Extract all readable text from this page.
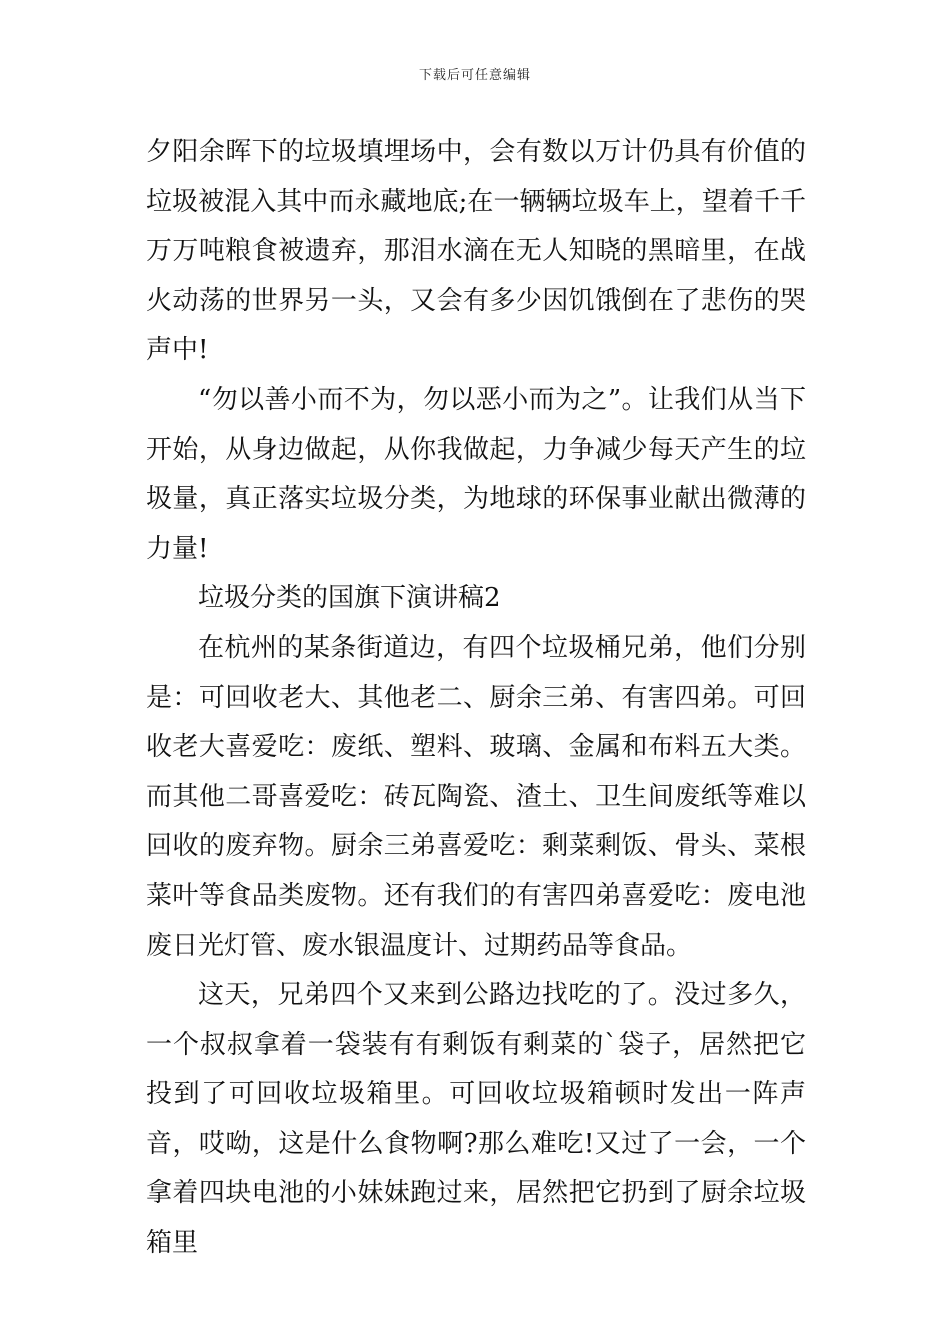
下载后可任意编辑

夕阳余晖下的垃圾填埋场中，会有数以万计仍具有价值的垃圾被混入其中而永藏地底;在一辆辆垃圾车上，望着千千万万吨粮食被遗弃，那泪水滴在无人知晓的黑暗里，在战火动荡的世界另一头，又会有多少因饥饿倒在了悲伤的哭声中!

“勿以善小而不为，勿以恶小而为之”。让我们从当下开始，从身边做起，从你我做起，力争减少每天产生的垃圾量，真正落实垃圾分类，为地球的环保事业献出微薄的力量!

垃圾分类的国旗下演讲稿2

在杭州的某条街道边，有四个垃圾桶兄弟，他们分别是：可回收老大、其他老二、厨余三弟、有害四弟。可回收老大喜爱吃：废纸、塑料、玻璃、金属和布料五大类。而其他二哥喜爱吃：砖瓦陶瓷、渣土、卫生间废纸等难以回收的废弃物。厨余三弟喜爱吃：剩菜剩饭、骨头、菜根菜叶等食品类废物。还有我们的有害四弟喜爱吃：废电池废日光灯管、废水银温度计、过期药品等食品。

这天，兄弟四个又来到公路边找吃的了。没过多久，一个叔叔拿着一袋装有有剩饭有剩菜的`袋子，居然把它投到了可回收垃圾箱里。可回收垃圾箱顿时发出一阵声音，哎呦，这是什么食物啊?那么难吃!又过了一会，一个拿着四块电池的小妹妹跑过来，居然把它扔到了厨余垃圾箱里
